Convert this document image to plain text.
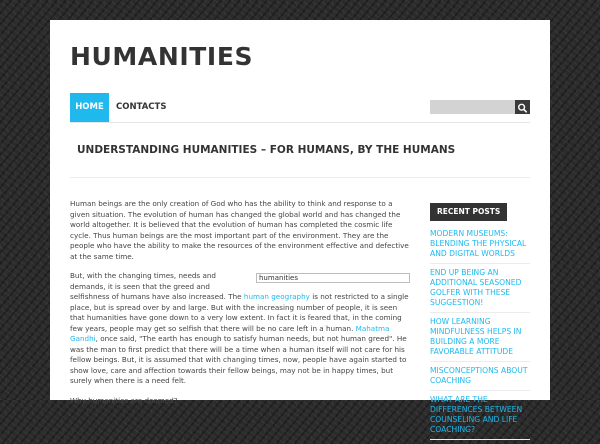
HUMANITIES
HOME	CONTACTS
UNDERSTANDING HUMANITIES – FOR HUMANS, BY THE HUMANS

Human beings are the only creation of God who has the ability to think and response to a given situation. The evolution of human has changed the global world and has changed the world altogether. It is believed that the evolution of human has completed the cosmic life cycle. Thus human beings are the most important part of the environment. They are the people who have the ability to make the resources of the environment effective and defective at the same time.

humanities
But, with the changing times, needs and demands, it is seen that the greed and selfishness of humans have also increased. The human geography is not restricted to a single place, but is spread over by and large. But with the increasing number of people, it is seen that humanities have gone down to a very low extent. In fact it is feared that, in the coming few years, people may get so selfish that there will be no care left in a human. Mahatma Gandhi, once said, "The earth has enough to satisfy human needs, but not human greed". He was the man to first predict that there will be a time when a human itself will not care for his fellow beings. But, it is assumed that with changing times, now, people have again started to show love, care and affection towards their fellow beings, may not be in happy times, but surely when there is a need felt.

Why humanities are doomed?

RECENT POSTS
MODERN MUSEUMS: BLENDING THE PHYSICAL AND DIGITAL WORLDS
END UP BEING AN ADDITIONAL SEASONED GOLFER WITH THESE SUGGESTION!
HOW LEARNING MINDFULNESS HELPS IN BUILDING A MORE FAVORABLE ATTITUDE
MISCONCEPTIONS ABOUT COACHING
WHAT ARE THE DIFFERENCES BETWEEN COUNSELING AND LIFE COACHING?
